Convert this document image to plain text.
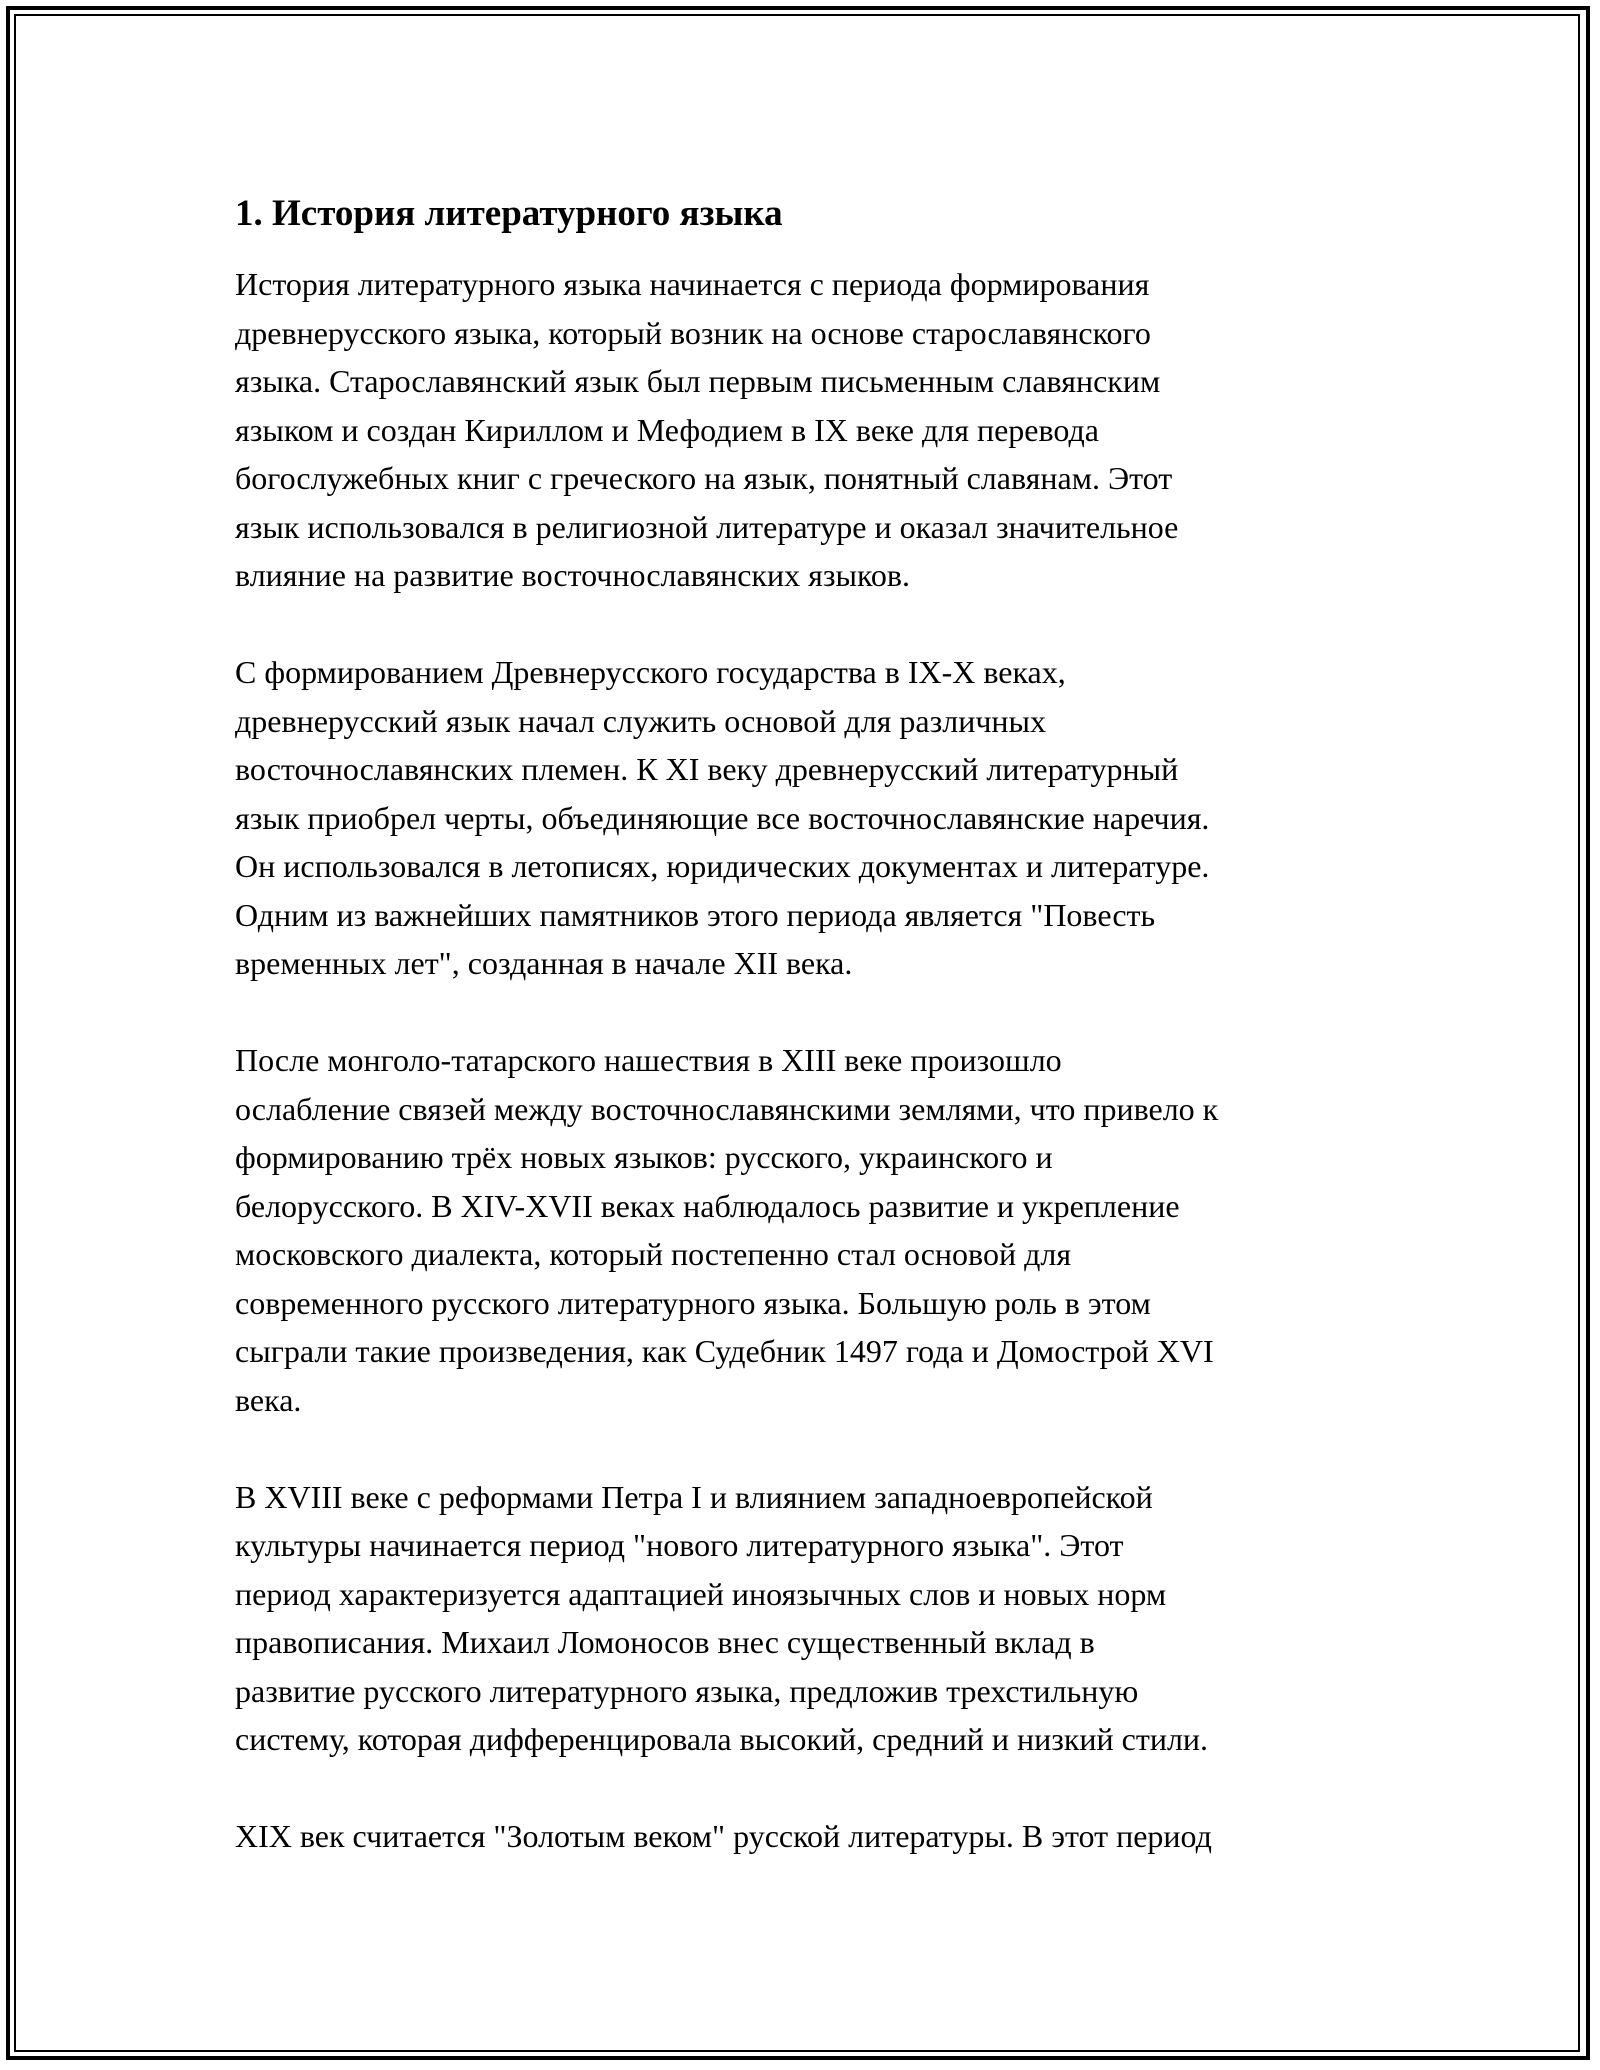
1. История литературного языка

История литературного языка начинается с периода формирования
древнерусского языка, который возник на основе старославянского
языка. Старославянский язык был первым письменным славянским
языком и создан Кириллом и Мефодием в IX веке для перевода
богослужебных книг с греческого на язык, понятный славянам. Этот
язык использовался в религиозной литературе и оказал значительное
влияние на развитие восточнославянских языков.

С формированием Древнерусского государства в IX-X веках,
древнерусский язык начал служить основой для различных
восточнославянских племен. К XI веку древнерусский литературный
язык приобрел черты, объединяющие все восточнославянские наречия.
Он использовался в летописях, юридических документах и литературе.
Одним из важнейших памятников этого периода является "Повесть
временных лет", созданная в начале XII века.

После монголо-татарского нашествия в XIII веке произошло
ослабление связей между восточнославянскими землями, что привело к
формированию трёх новых языков: русского, украинского и
белорусского. В XIV-XVII веках наблюдалось развитие и укрепление
московского диалекта, который постепенно стал основой для
современного русского литературного языка. Большую роль в этом
сыграли такие произведения, как Судебник 1497 года и Домострой XVI
века.

В XVIII веке с реформами Петра I и влиянием западноевропейской
культуры начинается период "нового литературного языка". Этот
период характеризуется адаптацией иноязычных слов и новых норм
правописания. Михаил Ломоносов внес существенный вклад в
развитие русского литературного языка, предложив трехстильную
систему, которая дифференцировала высокий, средний и низкий стили.

XIX век считается "Золотым веком" русской литературы. В этот период
